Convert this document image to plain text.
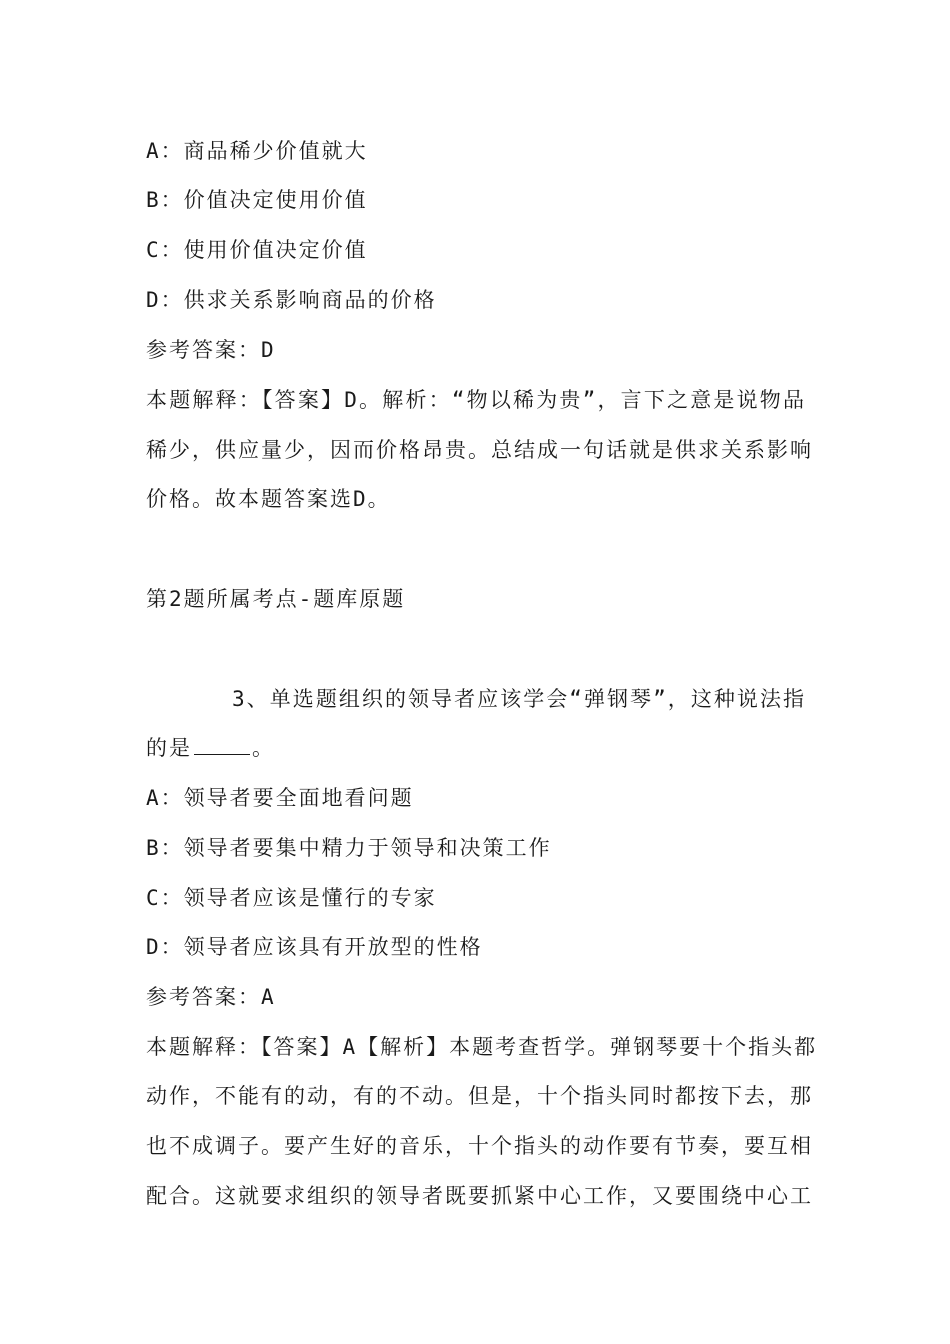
A：商品稀少价值就大
B：价值决定使用价值
C：使用价值决定价值
D：供求关系影响商品的价格
参考答案：D
本题解释：【答案】D。解析：“物以稀为贵”，言下之意是说物品
稀少，供应量少，因而价格昂贵。总结成一句话就是供求关系影响
价格。故本题答案选D。
第2题所属考点-题库原题
3、单选题组织的领导者应该学会“弹钢琴”，这种说法指
的是	。
A：领导者要全面地看问题
B：领导者要集中精力于领导和决策工作
C：领导者应该是懂行的专家
D：领导者应该具有开放型的性格
参考答案：A
本题解释：【答案】A【解析】本题考查哲学。弹钢琴要十个指头都
动作，不能有的动，有的不动。但是，十个指头同时都按下去，那
也不成调子。要产生好的音乐，十个指头的动作要有节奏，要互相
配合。这就要求组织的领导者既要抓紧中心工作，又要围绕中心工
